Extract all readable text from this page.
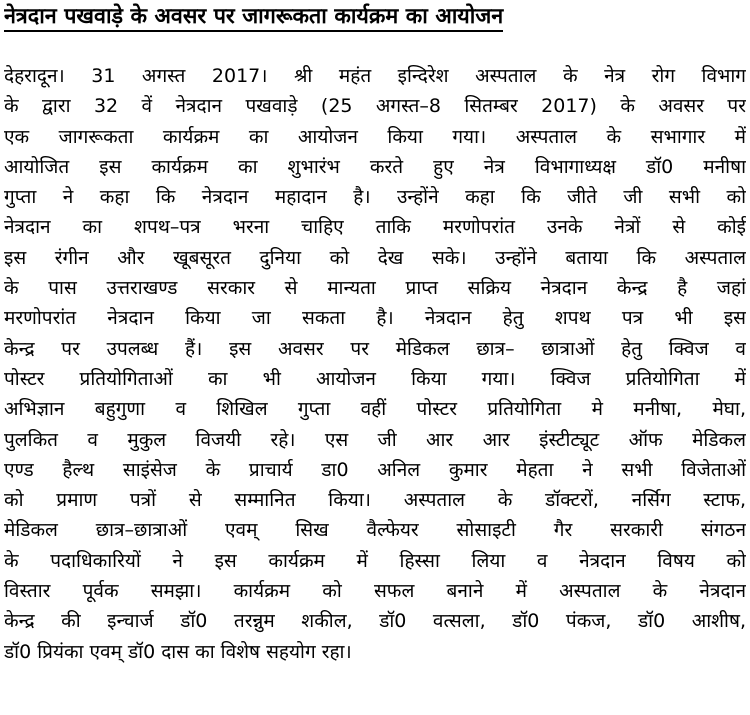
नेत्रदान पखवाड़े के अवसर पर जागरूकता कार्यक्रम का आयोजन
देहरादून। 31 अगस्त 2017। श्री महंत इन्दिरेश अस्पताल के नेत्र रोग विभाग
के द्वारा 32 वें नेत्रदान पखवाड़े (25 अगस्त–8 सितम्बर 2017) के अवसर पर
एक जागरूकता कार्यक्रम का आयोजन किया गया। अस्पताल के सभागार में
आयोजित इस कार्यक्रम का शुभारंभ करते हुए नेत्र विभागाध्यक्ष डॉ0 मनीषा
गुप्ता ने कहा कि नेत्रदान महादान है। उन्होंने कहा कि जीते जी सभी को
नेत्रदान का शपथ–पत्र भरना चाहिए ताकि मरणोपरांत उनके नेत्रों से कोई
इस रंगीन और खूबसूरत दुनिया को देख सके। उन्होंने बताया कि अस्पताल
के पास उत्तराखण्ड सरकार से मान्यता प्राप्त सक्रिय नेत्रदान केन्द्र है जहां
मरणोपरांत नेत्रदान किया जा सकता है। नेत्रदान हेतु शपथ पत्र भी इस
केन्द्र पर उपलब्ध हैं। इस अवसर पर मेडिकल छात्र– छात्राओं हेतु क्विज व
पोस्टर प्रतियोगिताओं का भी आयोजन किया गया। क्विज प्रतियोगिता में
अभिज्ञान बहुगुणा व शिखिल गुप्ता वहीं पोस्टर प्रतियोगिता मे मनीषा, मेघा,
पुलकित व मुकुल विजयी रहे। एस जी आर आर इंस्टीट्यूट ऑफ मेडिकल
एण्ड हैल्थ साइंसेज के प्राचार्य डा0 अनिल कुमार मेहता ने सभी विजेताओं
को प्रमाण पत्रों से सम्मानित किया। अस्पताल के डॉक्टरों, नर्सिग स्टाफ,
मेडिकल छात्र–छात्राओं एवम् सिख वैल्फेयर सोसाइटी गैर सरकारी संगठन
के पदाधिकारियों ने इस कार्यक्रम में हिस्सा लिया व नेत्रदान विषय को
विस्तार पूर्वक समझा। कार्यक्रम को सफल बनाने में अस्पताल के नेत्रदान
केन्द्र की इन्चार्ज डॉ0 तरन्नुम शकील, डॉ0 वत्सला, डॉ0 पंकज, डॉ0 आशीष,
डॉ0 प्रियंका एवम् डॉ0 दास का विशेष सहयोग रहा।
